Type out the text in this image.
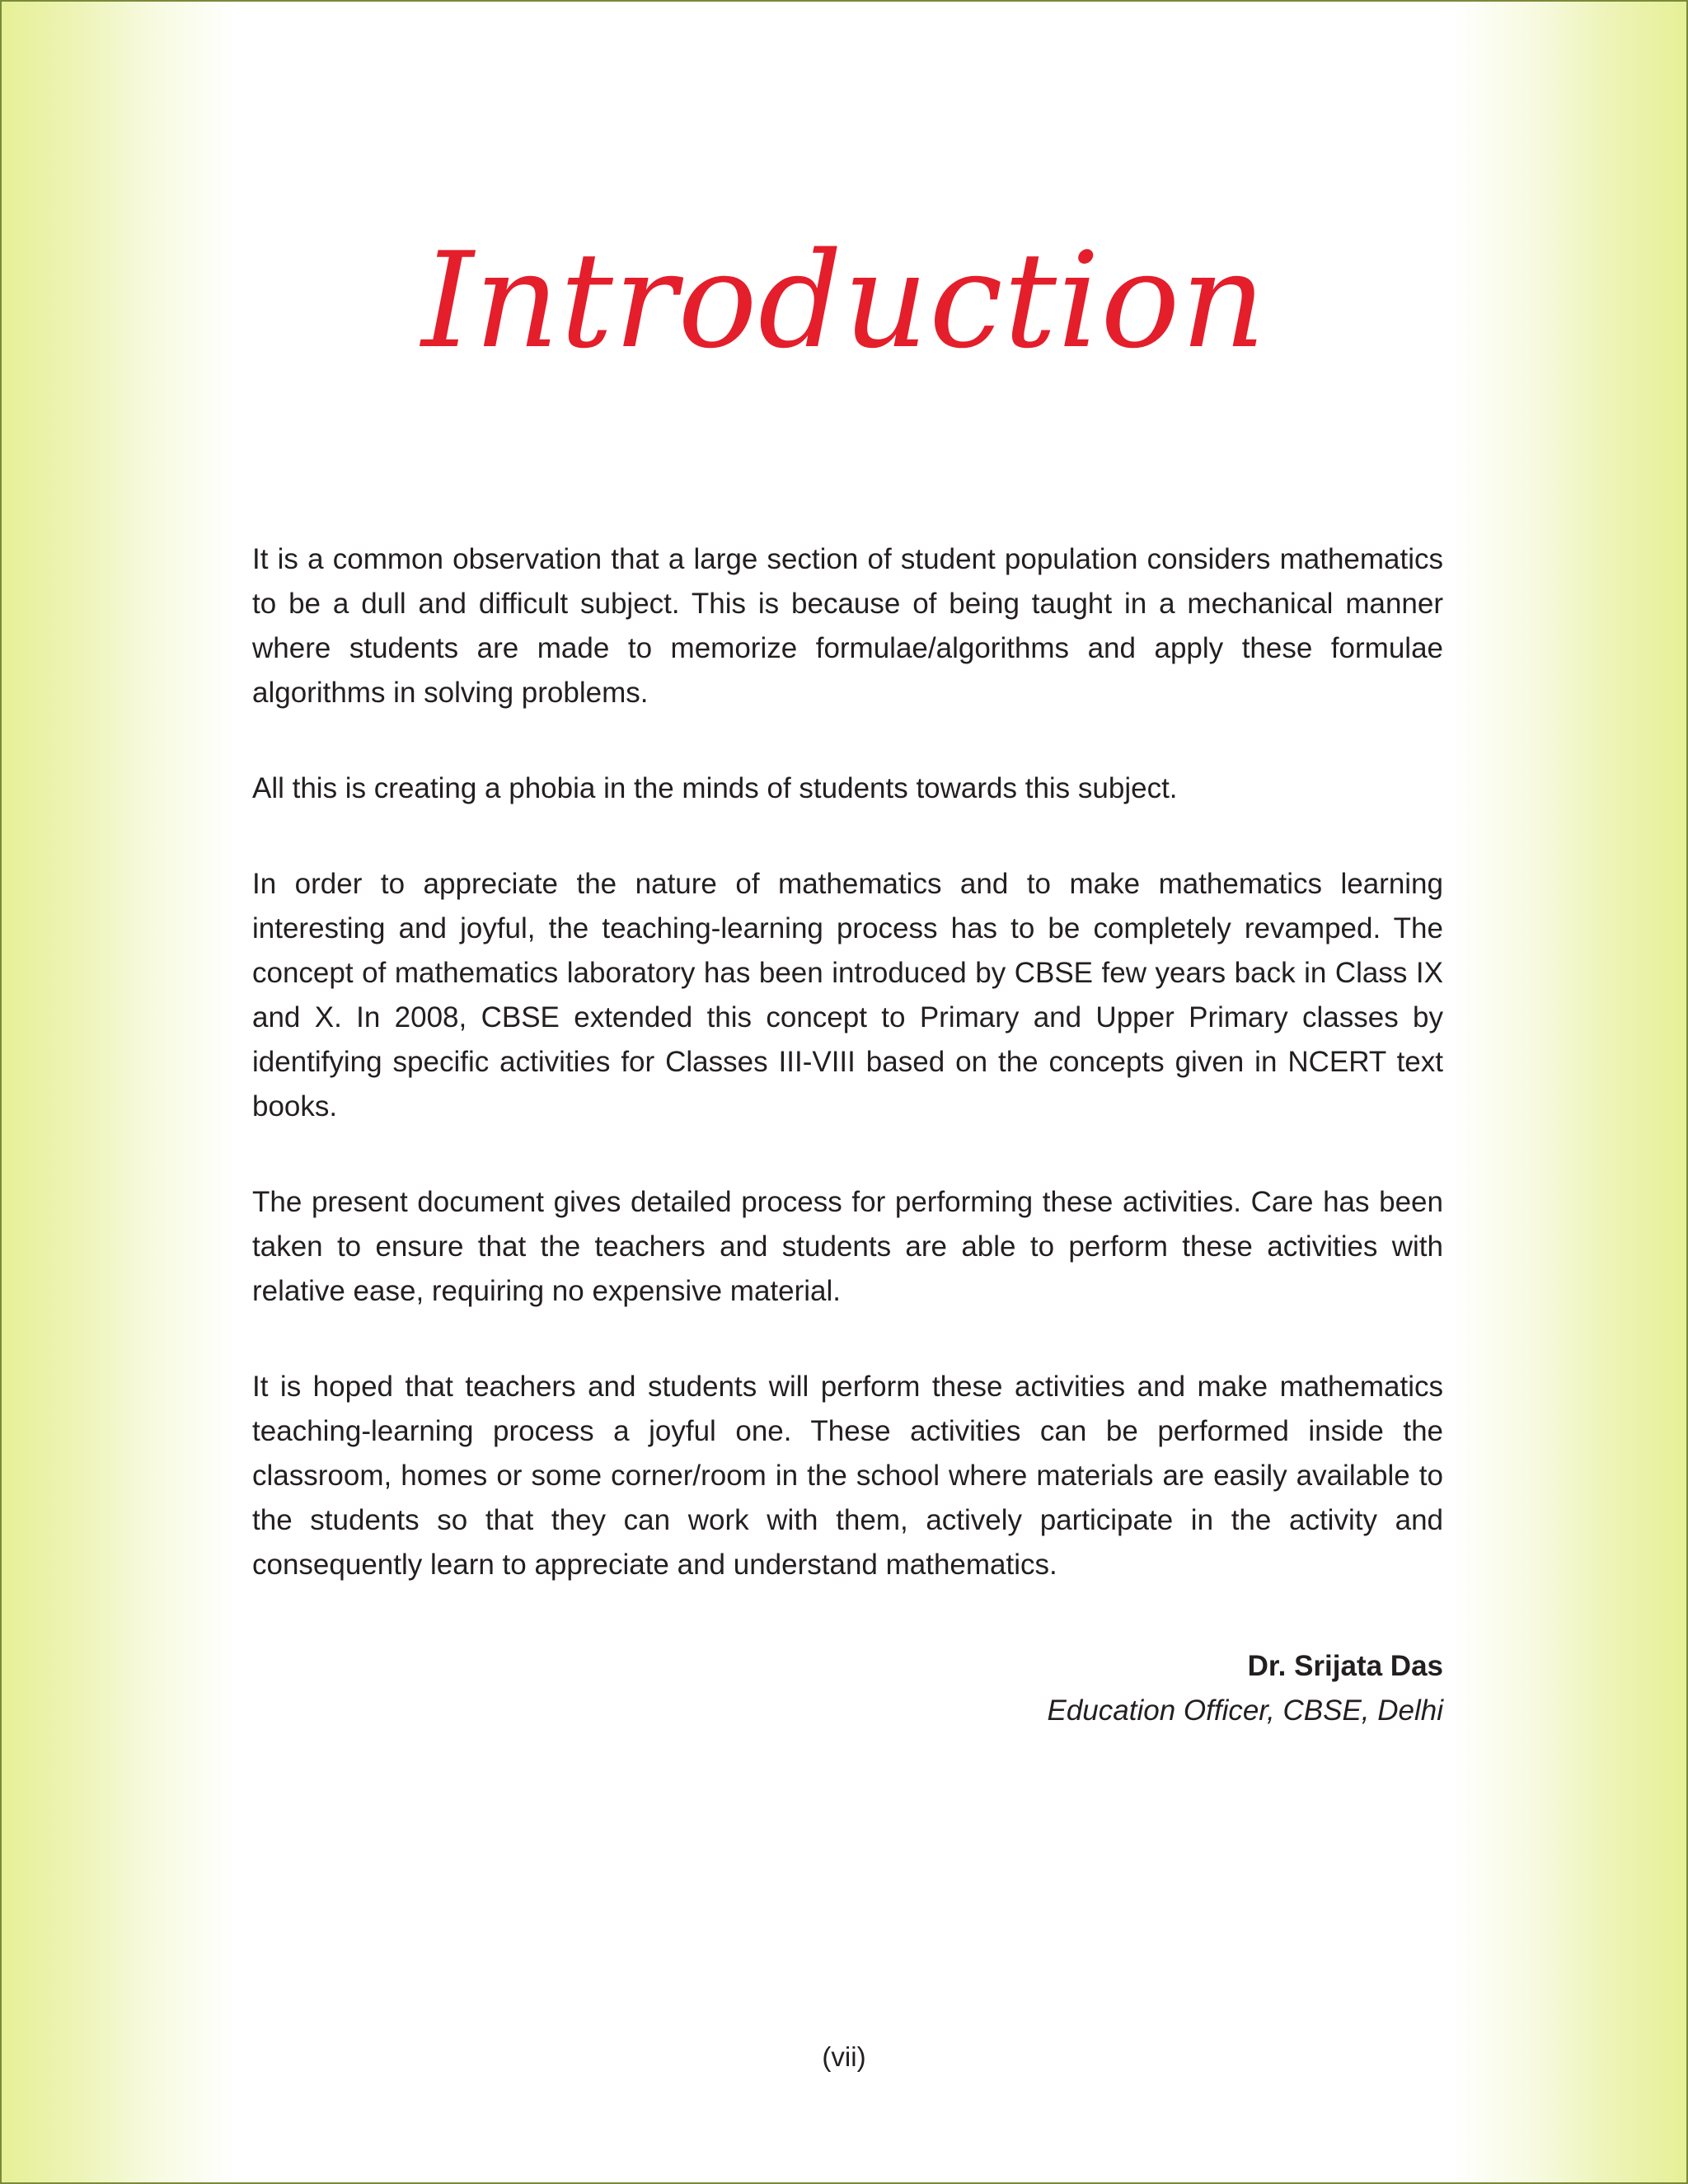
Introduction

It is a common observation that a large section of student population considers mathematics to be a dull and difficult subject. This is because of being taught in a mechanical manner where students are made to memorize formulae/algorithms and apply these formulae algorithms in solving problems.

All this is creating a phobia in the minds of students towards this subject.

In order to appreciate the nature of mathematics and to make mathematics learning interesting and joyful, the teaching-learning process has to be completely revamped. The concept of mathematics laboratory has been introduced by CBSE few years back in Class IX and X. In 2008, CBSE extended this concept to Primary and Upper Primary classes by identifying specific activities for Classes III-VIII based on the concepts given in NCERT text books.

The present document gives detailed process for performing these activities. Care has been taken to ensure that the teachers and students are able to perform these activities with relative ease, requiring no expensive material.

It is hoped that teachers and students will perform these activities and make mathematics teaching-learning process a joyful one. These activities can be performed inside the classroom, homes or some corner/room in the school where materials are easily available to the students so that they can work with them, actively participate in the activity and consequently learn to appreciate and understand mathematics.

Dr. Srijata Das
Education Officer, CBSE, Delhi
(vii)
